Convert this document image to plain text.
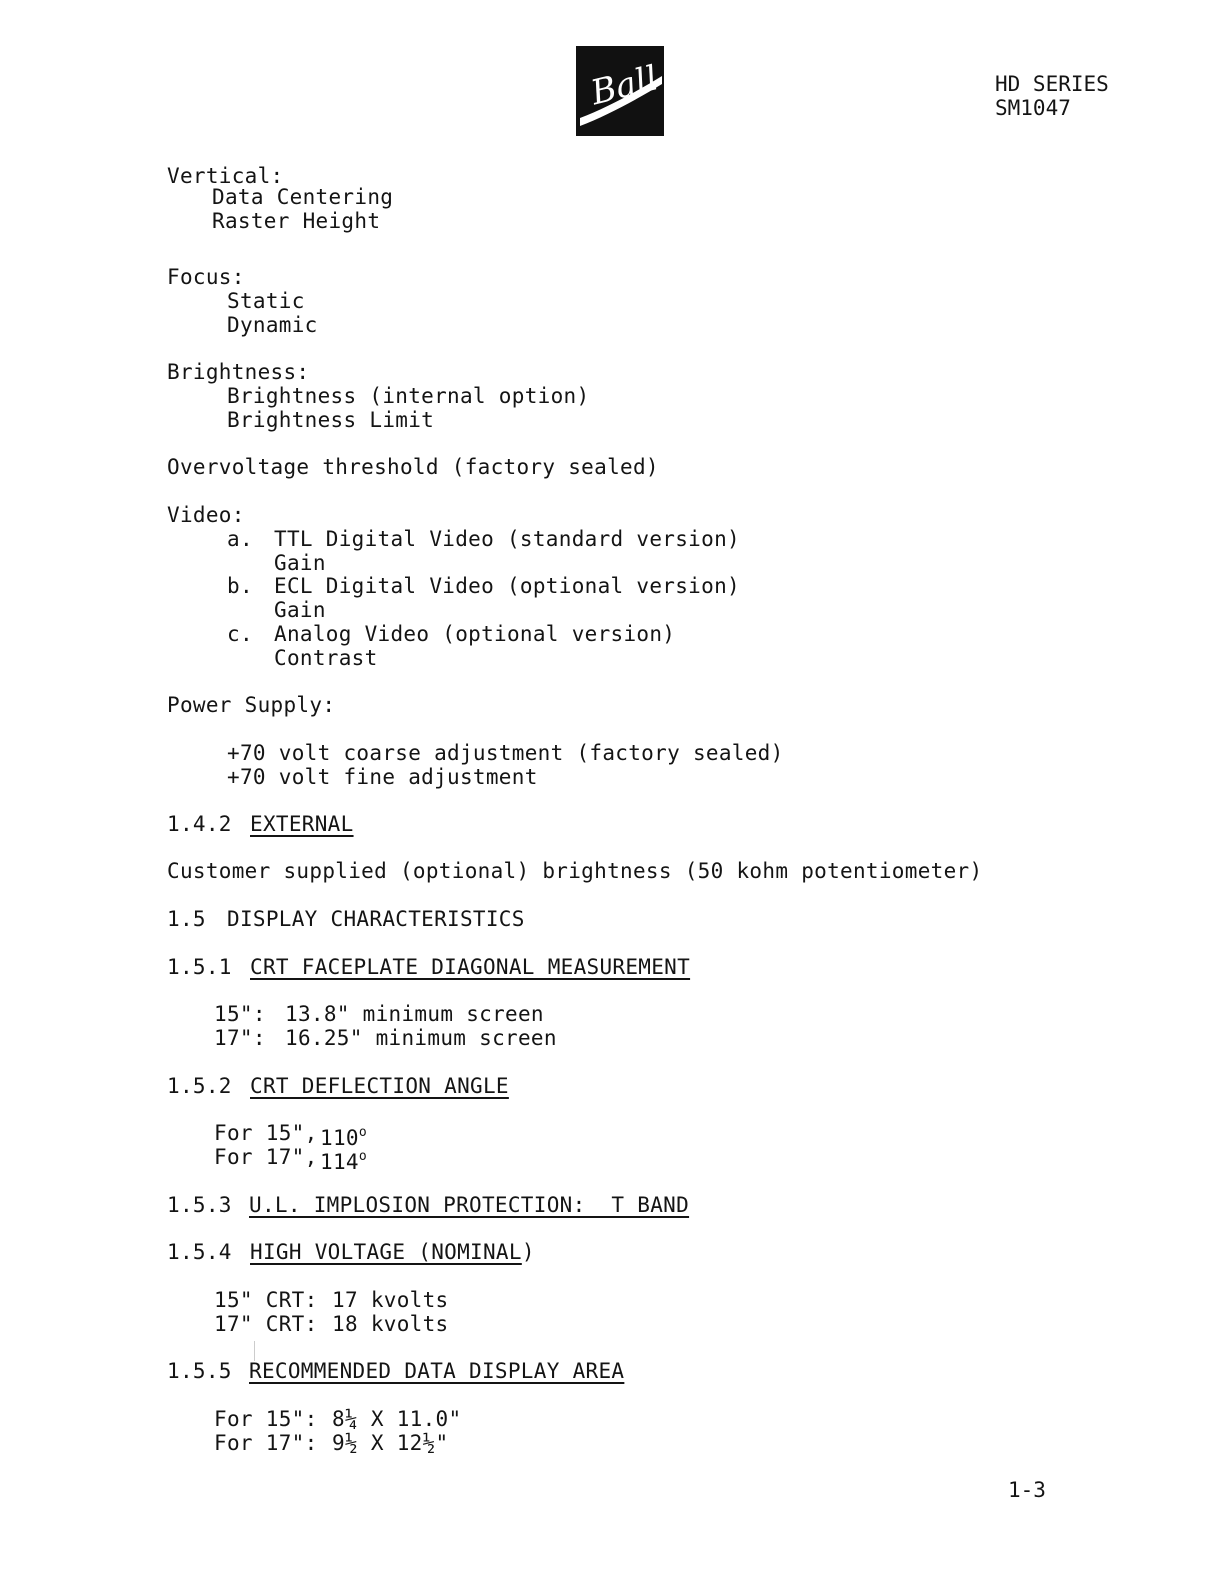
Ball	HD SERIES
SM1047
Vertical:
Data Centering
Raster Height
Focus:
Static
Dynamic
Brightness:
Brightness (internal option)
Brightness Limit
Overvoltage threshold (factory sealed)
Video:
a. TTL Digital Video (standard version)
Gain
b. ECL Digital Video (optional version)
Gain
c. Analog Video (optional version)
Contrast
Power Supply:
+70 volt coarse adjustment (factory sealed)
+70 volt fine adjustment
1.4.2 EXTERNAL
Customer supplied (optional) brightness (50 kohm potentiometer)
1.5 DISPLAY CHARACTERISTICS
1.5.1 CRT FACEPLATE DIAGONAL MEASUREMENT
15": 13.8" minimum screen
17": 16.25" minimum screen
1.5.2 CRT DEFLECTION ANGLE
For 15", 110$^o$
For 17", 114$^o$
1.5.3 U.L. IMPLOSION PROTECTION:  T BAND
1.5.4 HIGH VOLTAGE (NOMINAL)
15" CRT: 17 kvolts
17" CRT: 18 kvolts
1.5.5 RECOMMENDED DATA DISPLAY AREA
For 15": 8¼ X 11.0"
For 17": 9½ X 12½"
1-3
